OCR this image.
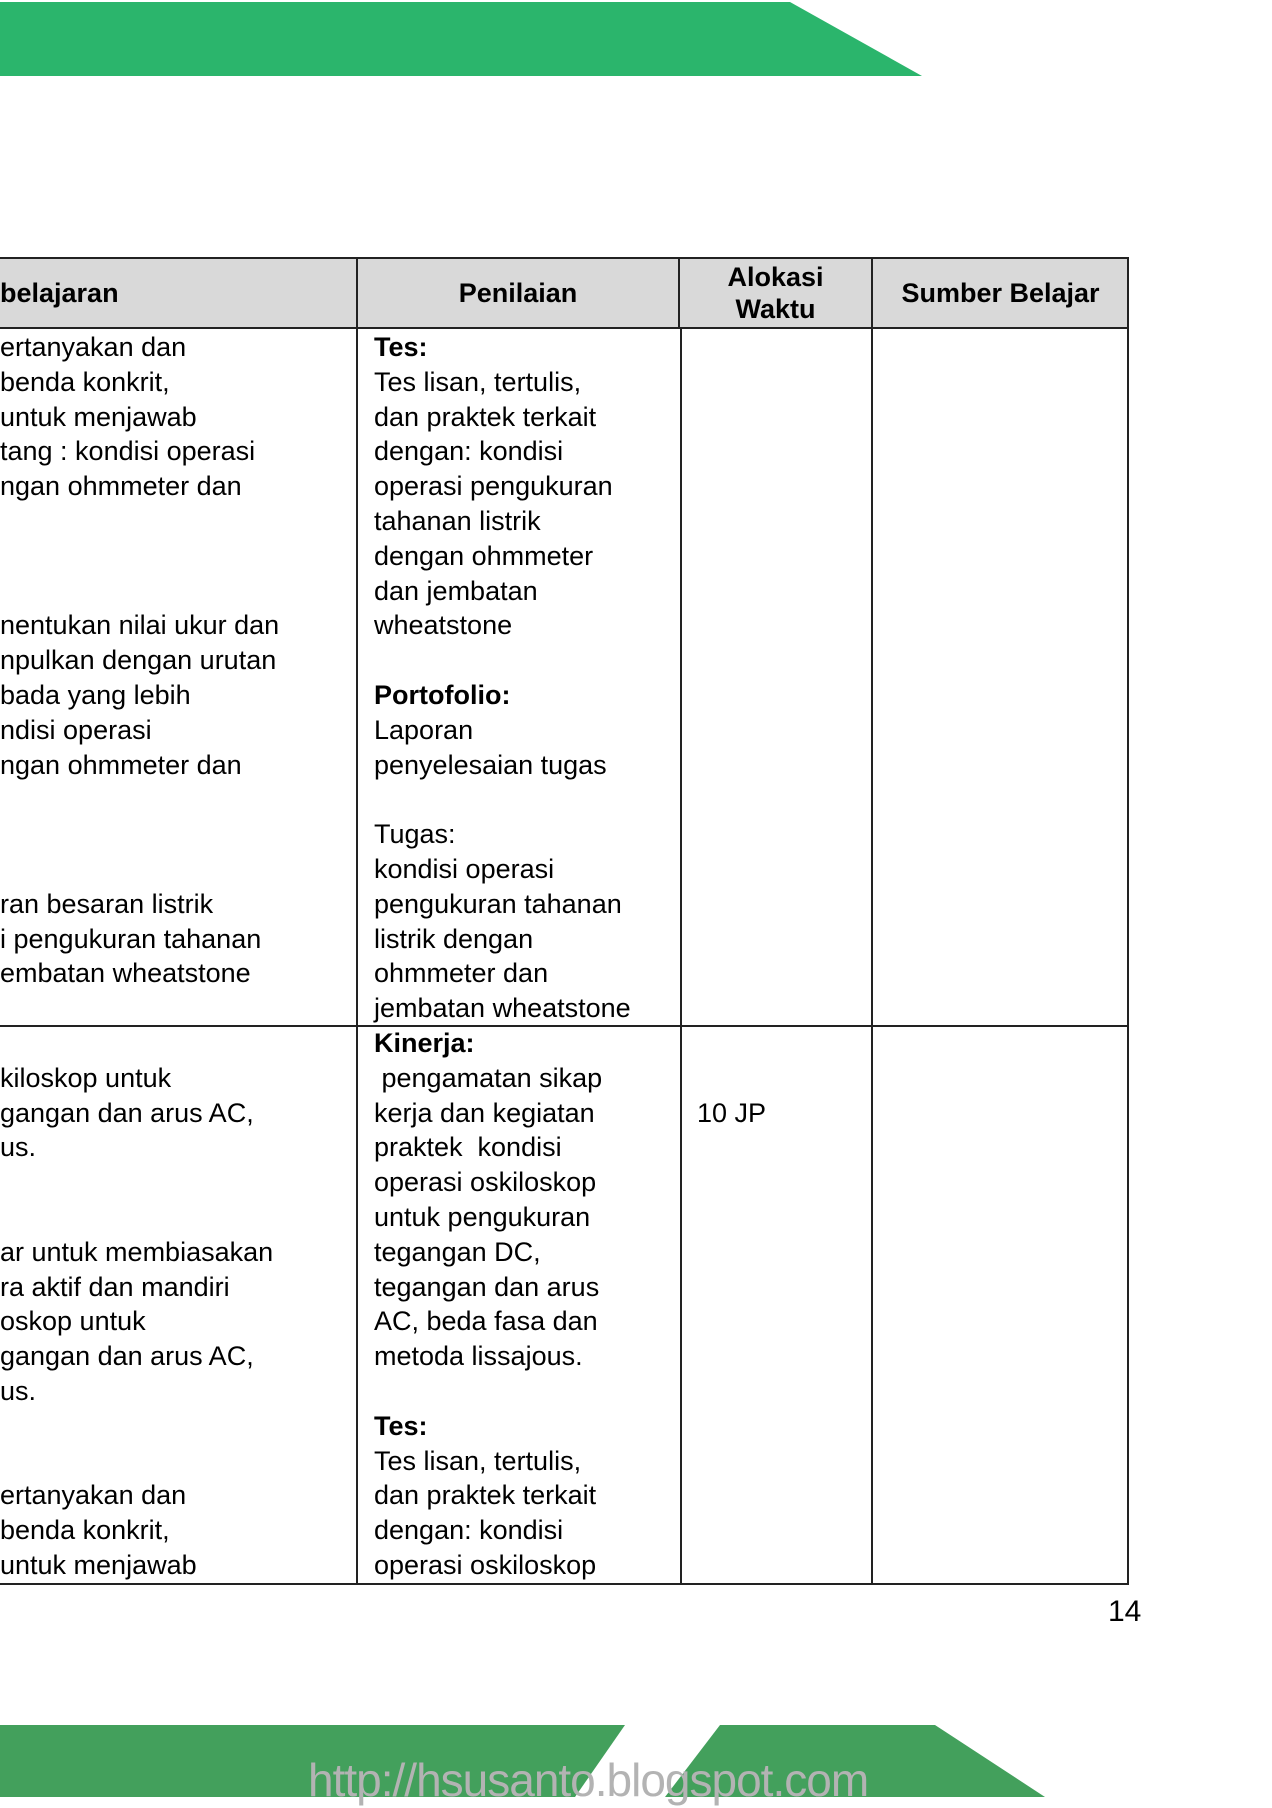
belajaran	Penilaian
Alokasi
Waktu
Sumber Belajar
ertanyakan dan
benda konkrit,
untuk menjawab
tang : kondisi operasi
ngan ohmmeter dan
nentukan nilai ukur dan
npulkan dengan urutan
bada yang lebih
ndisi operasi
ngan ohmmeter dan
ran besaran listrik
i pengukuran tahanan
embatan wheatstone
kiloskop untuk
gangan dan arus AC,
us.
ar untuk membiasakan
ra aktif dan mandiri
oskop untuk
gangan dan arus AC,
us.
ertanyakan dan
benda konkrit,
untuk menjawab
Tes:
Tes lisan, tertulis,
dan praktek terkait
dengan: kondisi
operasi pengukuran
tahanan listrik
dengan ohmmeter
dan jembatan
wheatstone
Portofolio:
Laporan
penyelesaian tugas
Tugas:
kondisi operasi
pengukuran tahanan
listrik dengan
ohmmeter dan
jembatan wheatstone
Kinerja:
pengamatan sikap
kerja dan kegiatan
praktek  kondisi
operasi oskiloskop
untuk pengukuran
tegangan DC,
tegangan dan arus
AC, beda fasa dan
metoda lissajous.
Tes:
Tes lisan, tertulis,
dan praktek terkait
dengan: kondisi
operasi oskiloskop

10 JP

14
http://hsusanto.blogspot.com
